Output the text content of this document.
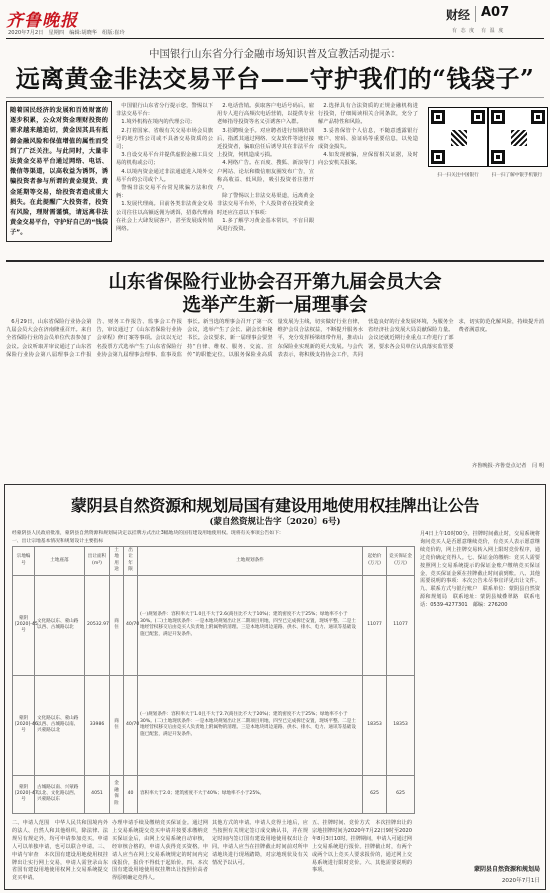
齐鲁晚报
2020年7月2日　星期四　编辑:胡晓华　组版:崔玲
财经 A07
有 态 度　有 温 度
中国银行山东省分行金融市场知识普及宣教活动提示：
远离黄金非法交易平台——守护我们的“钱袋子”
随着国民经济的发展和百姓财富的逐步积累，公众对资金理财投资的需求越来越迫切，黄金因其具有抵御金融风险和保值增值的属性而受到了广泛关注。与此同时，大量非法黄金交易平台通过网络、电话、微信等渠道，以高收益为诱饵，诱骗投资者参与所谓的黄金现货、黄金延期等交易，给投资者造成重大损失。在此提醒广大投资者，投资有风险，理财需谨慎，请远离非法黄金交易平台，守护好自己的“钱袋子”。

中国银行山东省分行提示您，警惕以下非法交易平台：

1.境外机构在境内的代理公司；

2.打着国家、省级有关交易市场会员旗号的地方性公司或不具备交易资质的公司；

3.自设交易平台并提供虚假金融工具交易的机构或公司；

4.以境内资金通过非法通道进入境外交易平台的公司或个人。

警惕非法交易平台常见欺骗方法和伎俩：

1.发展代理商。目前各类非法黄金交易公司往往以高额返佣为诱饵，招募代理商在社会上大肆发展客户，甚至发展成传销网络。

2.电话营销。获取客户电话号码后，雇用专人进行高频次电话营销，以提供专业老师指导投资等名义引诱客户入群。

3.招聘吸金手。对应聘者进行短期培训后，指派其通过网络、交友软件等途径接近投资者，骗取信任后诱导其在非法平台上投资，伺机造成亏损。

4.网络广告。在百度、搜狐、新浪等门户网站、论坛和微信朋友圈发布广告，宣称高收益、低风险，吸引投资者注册开户。

除了警惕以上非法交易渠道，远离黄金非法交易平台外，个人投资者在投资黄金时还应注意以下事项：

1.多了解学习黄金基本常识，不盲目跟风进行投资。

2.选择具有合法资质的正规金融机构进行投资，仔细阅读相关合同条款，充分了解产品特性和风险。

3.妥善保管个人信息，不随意透露银行账户、密码、验证码等重要信息，以免造成资金损失。

4.如发现被骗，应保留相关证据，及时向公安机关报案。

扫一扫关注中国银行	扫一扫了解中银手机银行
山东省保险行业协会召开第九届会员大会
选举产生新一届理事会

6月29日，山东省保险行业协会第九届会员大会在济南隆重召开。来自全省保险行业的会员单位代表参加了会议。会议听取并审议通过了山东省保险行业协会第八届理事会工作报告、财务工作报告、监事会工作报告，审议通过了《山东省保险行业协会章程》修订案等事项。会议以无记名投票方式选举产生了山东省保险行业协会第九届理事会理事、监事及监事长。新当选的理事会召开了第一次会议，选举产生了会长、副会长和秘书长。会议要求，新一届理事会要坚持“自律、维权、服务、交流、宣传”的职能定位，以服务保险业高质量发展为主线，切实做好行业自律，维护会员合法权益，不断提升服务水平，充分发挥桥梁纽带作用，推动山东保险业实现新的更大发展。与会代表表示，将积极支持协会工作，共同营造良好的行业发展环境，为服务全省经济社会发展大局贡献保险力量。会议还就近期行业重点工作进行了部署，要求各会员单位认真落实监管要求，切实防范化解风险，持续提升消费者满意度。

齐鲁晚报·齐鲁壹点记者　闫 明
蒙阴县自然资源和规划局国有建设用地使用权挂牌出让公告
(蒙自然资规让告字〔2020〕6号)
经蒙阴县人民政府批准，蒙阴县自然资源和规划局决定以挂牌方式出让3幅地块的国有建设用地使用权。现将有关事项公告如下：
一、出让宗地基本情况和规划设计主要指标
宗地编号	土地座落	出让面积(m²)	土地用途	出让年限	土地规划条件	起始价(万元)	竞买保证金(万元)
蒙阴[2020]-45号	文化路以东、蒙山路以西、古城路以北	20532.97	商住	40/70	(一)规划条件：容积率大于1.0且不大于2.6(商住比不大于10%)；建筑密度不大于25%；绿地率不小于30%。(二)土地现状条件：一是本地块规划出让区二期项目用地，四至已完成拆迁安置，现场平整。二是土地经营权移交后由竞买人负责地上附属物的清理。三是本地块周边道路、供水、排水、电力、通讯等基础设施已配套，满足开发条件。	11077	11077
蒙阴[2020]-46号	文化路以东、蒙山路以西、古城路以南、兴蒙路以北	33986	商住	40/70	(一)规划条件：容积率大于1.0且不大于2.7(商住比不大于20%)；建筑密度不大于25%；绿地率不小于30%。(二)土地现状条件：一是本地块规划出让区二期项目用地，四至已完成拆迁安置，现场平整。二是土地经营权移交后由竞买人负责地上附属物的清理。三是本地块周边道路、供水、排水、电力、通讯等基础设施已配套，满足开发条件。	18353	18353
蒙阴[2020]-47号	古城路以南、兴蒙路以北、文化路以西、兴蒙路以东	4051	金融保险	40	容积率大于2.0；建筑密度不大于40%；绿地率不小于25%。	625	625
月4日上午10时00分。挂牌时间截止时，交易系统将询问竞买人是否愿意继续竞价，有竞买人表示愿意继续竞价的，网上挂牌交易转入网上限时竞价程序，通过竞价确定竞得人。七、保证金的缴纳：竞买人需要按照网上交易系统提示的保证金账户缴纳竞买保证金，竞买保证金须在挂牌截止时间前到账。八、其他需要说明的事项：本次公告未尽事宜详见出让文件。九、联系方式与银行账户　联系单位：蒙阴县自然资源和规划局　联系地址：蒙阴县城叠翠路　联系电话：0539-4277301　邮编：276200
二、申请人范围　中华人民共和国境内外的法人、自然人和其他组织，除法律、法规另有规定外，均可申请参加竞买。申请人可以单独申请，也可以联合申请。三、申请与审查　本次国有建设用地使用权挂牌出让实行网上交易，申请人需登录山东省国有建设用地使用权网上交易系统提交竞买申请。
办理申请手续及缴纳竞买保证金。通过网上交易系统提交竞买申请并按要求缴纳竞买保证金后，由网上交易系统自动审核，经审核合格的，申请人获得竞买资格。申请人应当在网上交易系统规定的时间内完成报价，报价不得低于起始价。四、本次国有建设用地使用权挂牌出让按照价高者得原则确定竞得人。
其他方式的申请。申请人竞得土地后，应当按照有关规定签订成交确认书，并在规定时间内签订国有建设用地使用权出让合同。申请人应当在挂牌截止时间前对所申请地块进行现场踏勘，对宗地现状及有关情况予以认可。
五、挂牌时间、竞价方式　本次挂牌出让的宗地挂牌时间为2020年7月22日9时至2020年8月3日10时。挂牌期间，申请人可通过网上交易系统进行报价。挂牌截止时，有两个或两个以上竞买人要求报价的，通过网上交易系统进行限时竞价。六、其他需要说明的事项。	蒙阴县自然资源和规划局
2020年7月1日
